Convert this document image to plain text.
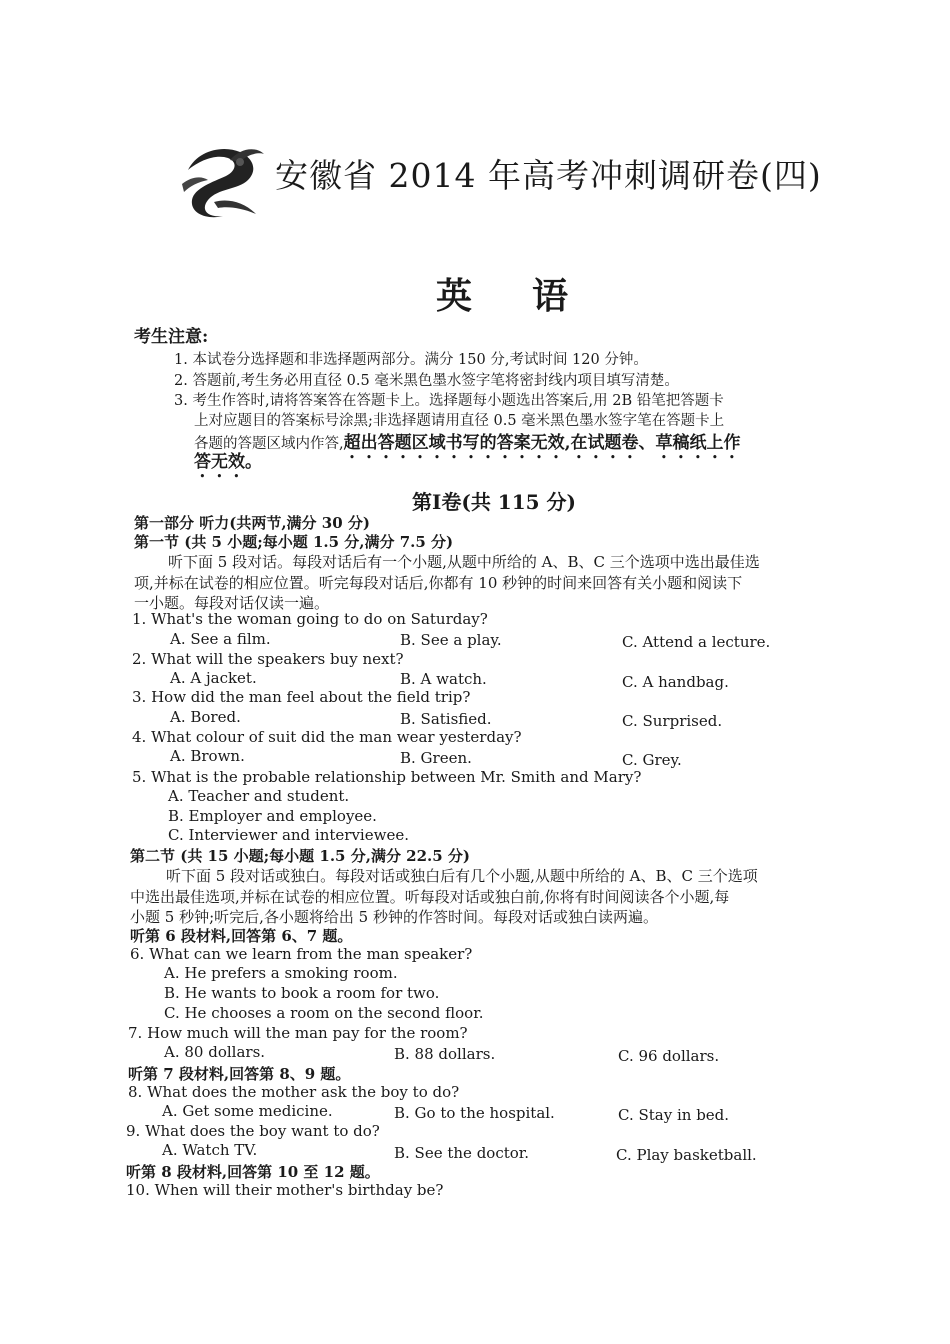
安徽省 2014 年高考冲刺调研卷(四)
英语
考生注意:
1. 本试卷分选择题和非选择题两部分。满分 150 分,考试时间 120 分钟。
2. 答题前,考生务必用直径 0.5 毫米黑色墨水签字笔将密封线内项目填写清楚。
3. 考生作答时,请将答案答在答题卡上。选择题每小题选出答案后,用 2B 铅笔把答题卡
上对应题目的答案标号涂黑;非选择题请用直径 0.5 毫米黑色墨水签字笔在答题卡上
各题的答题区域内作答,超出答题区域书写的答案无效,在试题卷、草稿纸上作
答无效。
第Ⅰ卷(共 115 分)
第一部分 听力(共两节,满分 30 分)
第一节 (共 5 小题;每小题 1.5 分,满分 7.5 分)
听下面 5 段对话。每段对话后有一个小题,从题中所给的 A、B、C 三个选项中选出最佳选
项,并标在试卷的相应位置。听完每段对话后,你都有 10 秒钟的时间来回答有关小题和阅读下
一小题。每段对话仅读一遍。
1. What's the woman going to do on Saturday?
A. See a film.	B. See a play.	C. Attend a lecture.
2. What will the speakers buy next?
A. A jacket.	B. A watch.	C. A handbag.
3. How did the man feel about the field trip?
A. Bored.	B. Satisfied.	C. Surprised.
4. What colour of suit did the man wear yesterday?
A. Brown.	B. Green.	C. Grey.
5. What is the probable relationship between Mr. Smith and Mary?
A. Teacher and student.
B. Employer and employee.
C. Interviewer and interviewee.
第二节 (共 15 小题;每小题 1.5 分,满分 22.5 分)
听下面 5 段对话或独白。每段对话或独白后有几个小题,从题中所给的 A、B、C 三个选项
中选出最佳选项,并标在试卷的相应位置。听每段对话或独白前,你将有时间阅读各个小题,每
小题 5 秒钟;听完后,各小题将给出 5 秒钟的作答时间。每段对话或独白读两遍。
听第 6 段材料,回答第 6、7 题。
6. What can we learn from the man speaker?
A. He prefers a smoking room.
B. He wants to book a room for two.
C. He chooses a room on the second floor.
7. How much will the man pay for the room?
A. 80 dollars.	B. 88 dollars.	C. 96 dollars.
听第 7 段材料,回答第 8、9 题。
8. What does the mother ask the boy to do?
A. Get some medicine.	B. Go to the hospital.	C. Stay in bed.
9. What does the boy want to do?
A. Watch TV.	B. See the doctor.	C. Play basketball.
听第 8 段材料,回答第 10 至 12 题。
10. When will their mother's birthday be?
